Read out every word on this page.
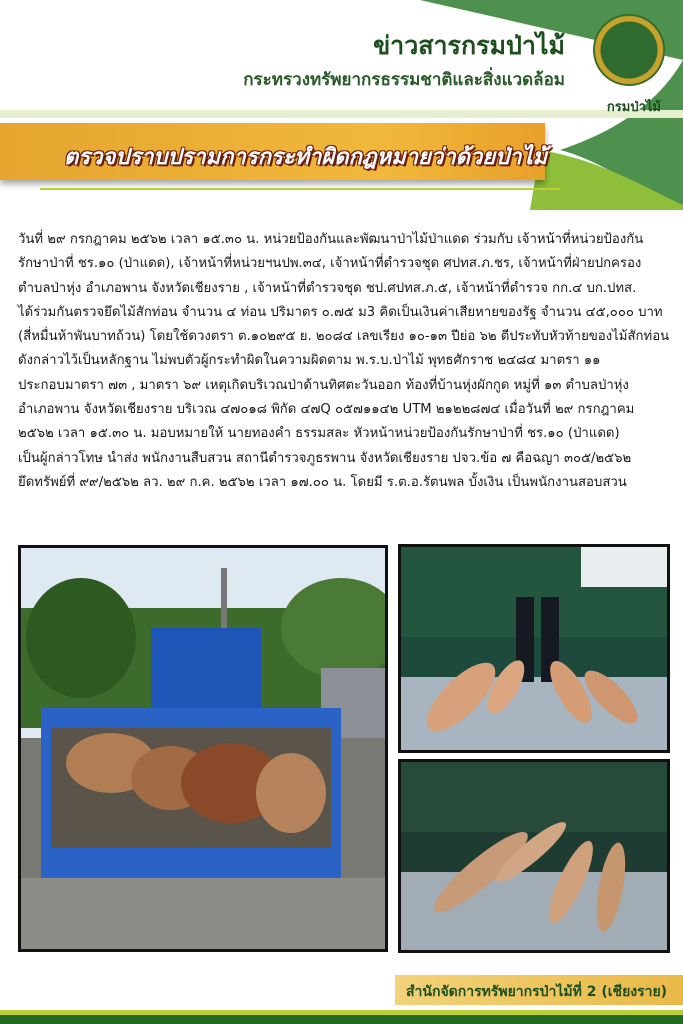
ข่าวสารกรมป่าไม้
กระทรวงทรัพยากรธรรมชาติและสิ่งแวดล้อม
กรมป่าไม้
ตรวจปราบปรามการกระทำผิดกฎหมายว่าด้วยป่าไม้
วันที่ ๒๙ กรกฎาคม ๒๕๖๒ เวลา ๑๕.๓๐ น. หน่วยป้องกันและพัฒนาป่าไม้ป่าแดด ร่วมกับ เจ้าหน้าที่หน่วยป้องกัน
รักษาป่าที่ ชร.๑๐ (ป่าแดด), เจ้าหน้าที่หน่วยฯนปพ.๓๔, เจ้าหน้าที่ตำรวจชุด ศปทส.ภ.ชร, เจ้าหน้าที่ฝ่ายปกครอง
ตำบลป่าหุ่ง อำเภอพาน จังหวัดเชียงราย , เจ้าหน้าที่ตำรวจชุด ชป.ศปทส.ภ.๕, เจ้าหน้าที่ตำรวจ กก.๔ บก.ปทส.
ได้ร่วมกันตรวจยึดไม้สักท่อน จำนวน ๔ ท่อน ปริมาตร ๐.๗๕ ม3 คิดเป็นเงินค่าเสียหายของรัฐ จำนวน ๔๕,๐๐๐ บาท
(สี่หมื่นห้าพันบาทถ้วน) โดยใช้ดวงตรา ต.๑๐๒๙๕ ย. ๒๐๘๔ เลขเรียง ๑๐-๑๓ ปีย่อ ๖๒ ตีประทับหัวท้ายของไม้สักท่อน
ดังกล่าวไว้เป็นหลักฐาน ไม่พบตัวผู้กระทำผิดในความผิดตาม พ.ร.บ.ป่าไม้ พุทธศักราช ๒๔๘๔ มาตรา ๑๑
ประกอบมาตรา ๗๓ , มาตรา ๖๙ เหตุเกิดบริเวณป่าด้านทิศตะวันออก ท้องที่บ้านหุ่งผักกูด หมู่ที่ ๑๓ ตำบลป่าหุ่ง
อำเภอพาน จังหวัดเชียงราย บริเวณ ๔๗๐๑๘ พิกัด ๔๗Q ๐๕๗๑๑๔๒ UTM ๒๑๒๒๘๗๔ เมื่อวันที่ ๒๙ กรกฎาคม
๒๕๖๒ เวลา ๑๕.๓๐ น. มอบหมายให้ นายทองคำ ธรรมสละ หัวหน้าหน่วยป้องกันรักษาป่าที่ ชร.๑๐ (ป่าแดด)
เป็นผู้กล่าวโทษ นำส่ง พนักงานสืบสวน สถานีตำรวจภูธรพาน จังหวัดเชียงราย ปจว.ข้อ ๗ คือฉญา ๓๐๕/๒๕๖๒
ยึดทรัพย์ที่ ๙๙/๒๕๖๒ ลว. ๒๙ ก.ค. ๒๕๖๒ เวลา ๑๗.๐๐ น. โดยมี ร.ต.อ.รัตนพล บั้งเงิน เป็นพนักงานสอบสวน
สำนักจัดการทรัพยากรป่าไม้ที่ 2 (เชียงราย)
